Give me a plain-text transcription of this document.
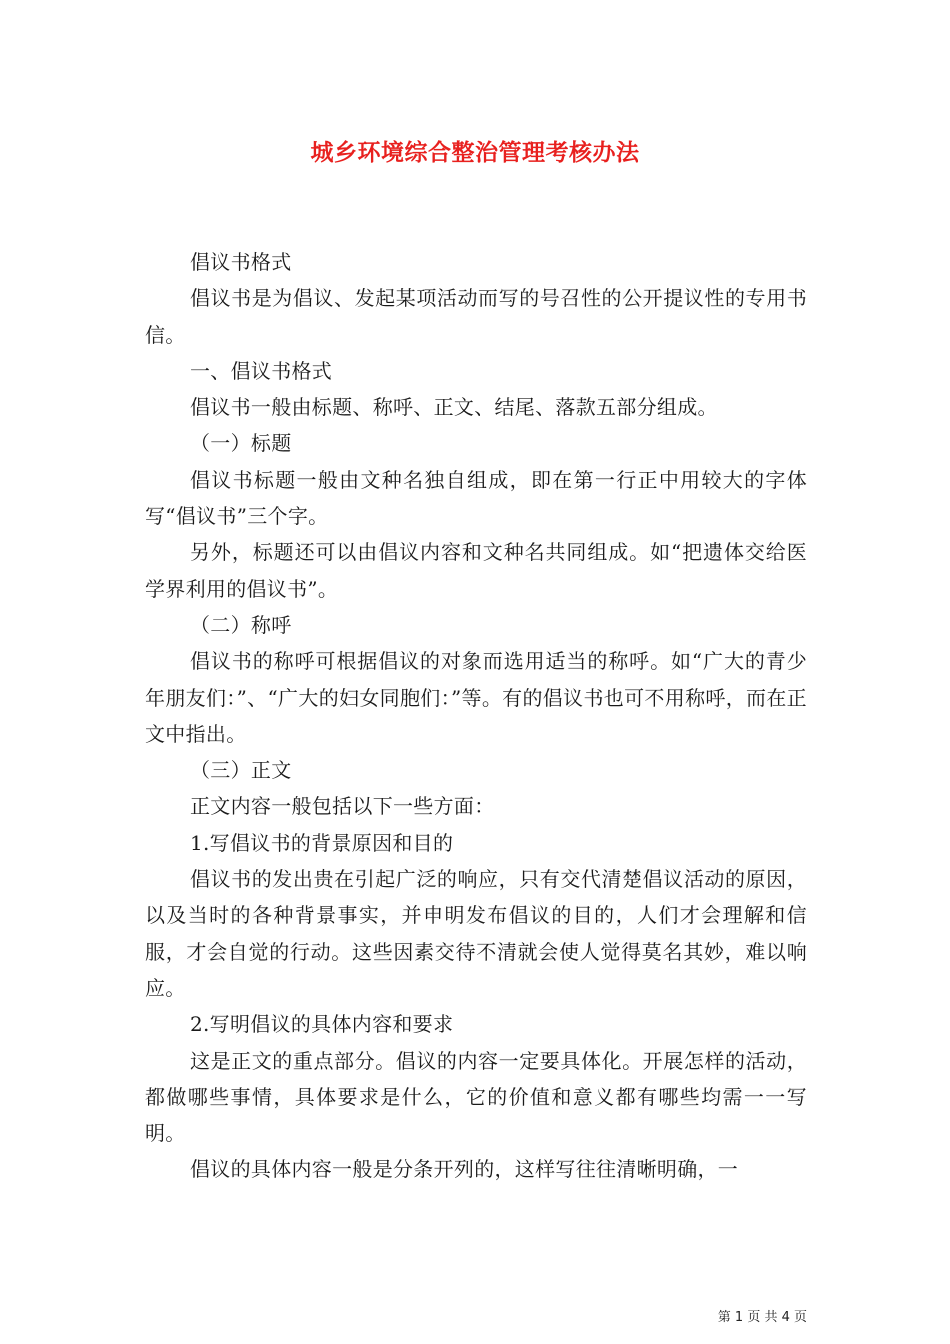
城乡环境综合整治管理考核办法

倡议书格式

倡议书是为倡议、发起某项活动而写的号召性的公开提议性的专用书信。

一、倡议书格式

倡议书一般由标题、称呼、正文、结尾、落款五部分组成。

（一）标题

倡议书标题一般由文种名独自组成，即在第一行正中用较大的字体写“倡议书”三个字。

另外，标题还可以由倡议内容和文种名共同组成。如“把遗体交给医学界利用的倡议书”。

（二）称呼

倡议书的称呼可根据倡议的对象而选用适当的称呼。如“广大的青少年朋友们：”、“广大的妇女同胞们：”等。有的倡议书也可不用称呼，而在正文中指出。

（三）正文

正文内容一般包括以下一些方面：

1.写倡议书的背景原因和目的

倡议书的发出贵在引起广泛的响应，只有交代清楚倡议活动的原因，以及当时的各种背景事实，并申明发布倡议的目的，人们才会理解和信服，才会自觉的行动。这些因素交待不清就会使人觉得莫名其妙，难以响应。

2.写明倡议的具体内容和要求

这是正文的重点部分。倡议的内容一定要具体化。开展怎样的活动，都做哪些事情，具体要求是什么，它的价值和意义都有哪些均需一一写明。

倡议的具体内容一般是分条开列的，这样写往往清晰明确，一

第 1 页 共 4 页
